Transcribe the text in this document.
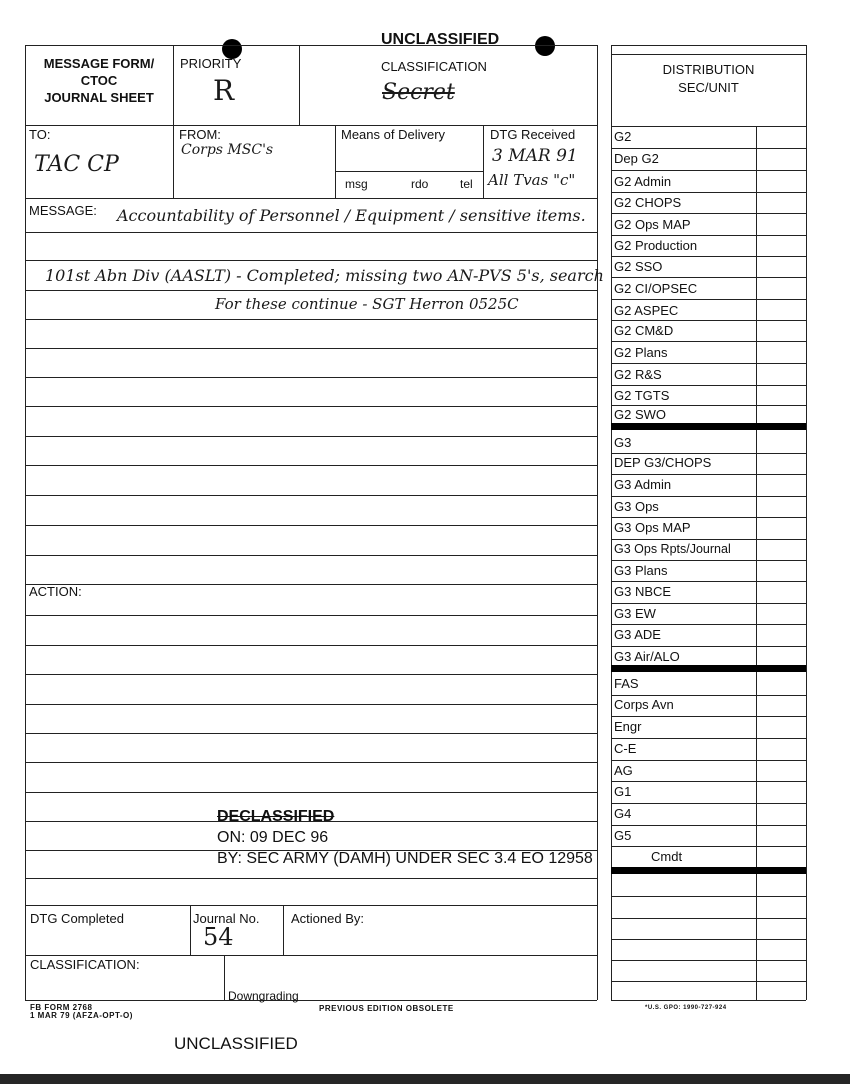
UNCLASSIFIED
MESSAGE FORM/
CTOC
JOURNAL SHEET
PRIORITY
R
CLASSIFICATION
Secret
TO:
TAC CP
FROM:
Corps MSC's
Means of Delivery
msg	rdo	tel
DTG Received
3 MAR 91
All Tvas "c"
MESSAGE: Accountability of Personnel / Equipment / sensitive items.
101st Abn Div (AASLT) - Completed; missing two AN-PVS 5's, search
For these continue - SGT Herron 0525C
ACTION:
DECLASSIFIED
ON: 09 DEC 96
BY: SEC ARMY (DAMH) UNDER SEC 3.4 EO 12958
DTG Completed	Journal No.
54
Actioned By:
CLASSIFICATION:
Downgrading
FB FORM 2768
1 MAR 79 (AFZA-OPT-O)
PREVIOUS EDITION OBSOLETE	*U.S. GPO: 1990-727-924
UNCLASSIFIED
DISTRIBUTION
SEC/UNIT
G2
Dep G2
G2 Admin
G2 CHOPS
G2 Ops MAP
G2 Production
G2 SSO
G2 CI/OPSEC
G2 ASPEC
G2 CM&D
G2 Plans
G2 R&S
G2 TGTS
G2 SWO
G3
DEP G3/CHOPS
G3 Admin
G3 Ops
G3 Ops MAP
G3 Ops Rpts/Journal
G3 Plans
G3 NBCE
G3 EW
G3 ADE
G3 Air/ALO
FAS
Corps Avn
Engr
C-E
AG
G1
G4
G5
Cmdt
